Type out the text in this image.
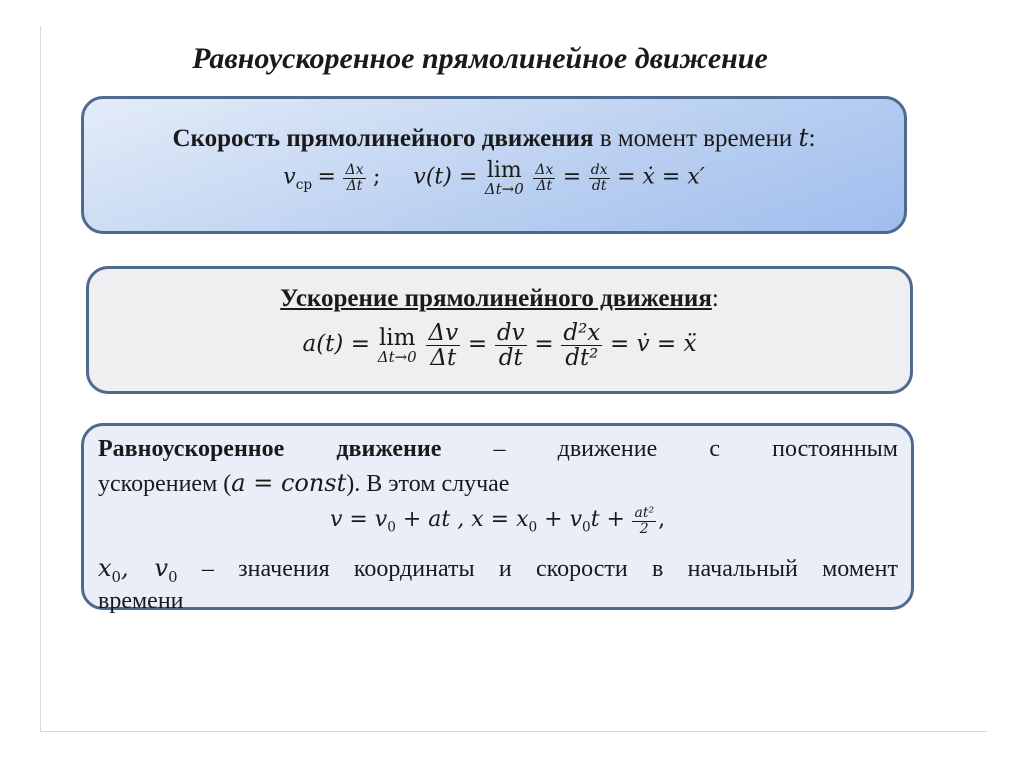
Равноускоренное прямолинейное движение
Скорость прямолинейного движения в момент времени t:
$v_{ср} = \frac{\Delta x}{\Delta t}$ ; v(t) = lim
Δt→0
$\frac{\Delta x}{\Delta t} = \frac{dx}{dt}$ = ẋ = x′
Ускорение прямолинейного движения:
a(t) = lim
Δt→0
$\frac{\Delta v}{\Delta t} = \frac{dv}{dt} = \frac{\text{d²x}}{\text{dt²}}$ = v̇ = ẍ
Равноускоренное движение – движение с постоянным
ускорением (a = const). В этом случае
$v = v_0$ + at , $x = x_0 + v_0t + \frac{\text{at²}}{2}$ ,
$x_0$, $v_0$ – значения координаты и скорости в начальный момент
времени
